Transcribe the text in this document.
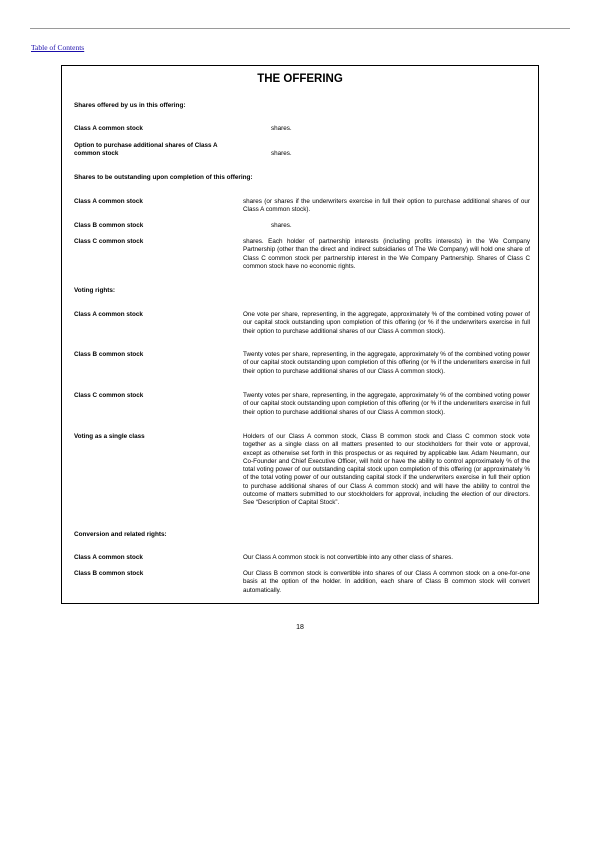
Table of Contents
THE OFFERING
Shares offered by us in this offering:
Class A common stock	shares.
Option to purchase additional shares of Class A
common stock	shares.
Shares to be outstanding upon completion of this offering:
Class A common stock	shares (or shares if the underwriters exercise in full their option to purchase additional shares of our Class A common stock).
Class B common stock	shares.
Class C common stock	shares. Each holder of partnership interests (including profits interests) in the We Company Partnership (other than the direct and indirect subsidiaries of The We Company) will hold one share of Class C common stock per partnership interest in the We Company Partnership. Shares of Class C common stock have no economic rights.
Voting rights:
Class A common stock	One vote per share, representing, in the aggregate, approximately % of the combined voting power of our capital stock outstanding upon completion of this offering (or % if the underwriters exercise in full their option to purchase additional shares of our Class A common stock).
Class B common stock	Twenty votes per share, representing, in the aggregate, approximately % of the combined voting power of our capital stock outstanding upon completion of this offering (or % if the underwriters exercise in full their option to purchase additional shares of our Class A common stock).
Class C common stock	Twenty votes per share, representing, in the aggregate, approximately % of the combined voting power of our capital stock outstanding upon completion of this offering (or % if the underwriters exercise in full their option to purchase additional shares of our Class A common stock).
Voting as a single class	Holders of our Class A common stock, Class B common stock and Class C common stock vote together as a single class on all matters presented to our stockholders for their vote or approval, except as otherwise set forth in this prospectus or as required by applicable law. Adam Neumann, our Co-Founder and Chief Executive Officer, will hold or have the ability to control approximately % of the total voting power of our outstanding capital stock upon completion of this offering (or approximately % of the total voting power of our outstanding capital stock if the underwriters exercise in full their option to purchase additional shares of our Class A common stock) and will have the ability to control the outcome of matters submitted to our stockholders for approval, including the election of our directors. See “Description of Capital Stock”.
Conversion and related rights:
Class A common stock	Our Class A common stock is not convertible into any other class of shares.
Class B common stock	Our Class B common stock is convertible into shares of our Class A common stock on a one-for-one basis at the option of the holder. In addition, each share of Class B common stock will convert automatically.
18
